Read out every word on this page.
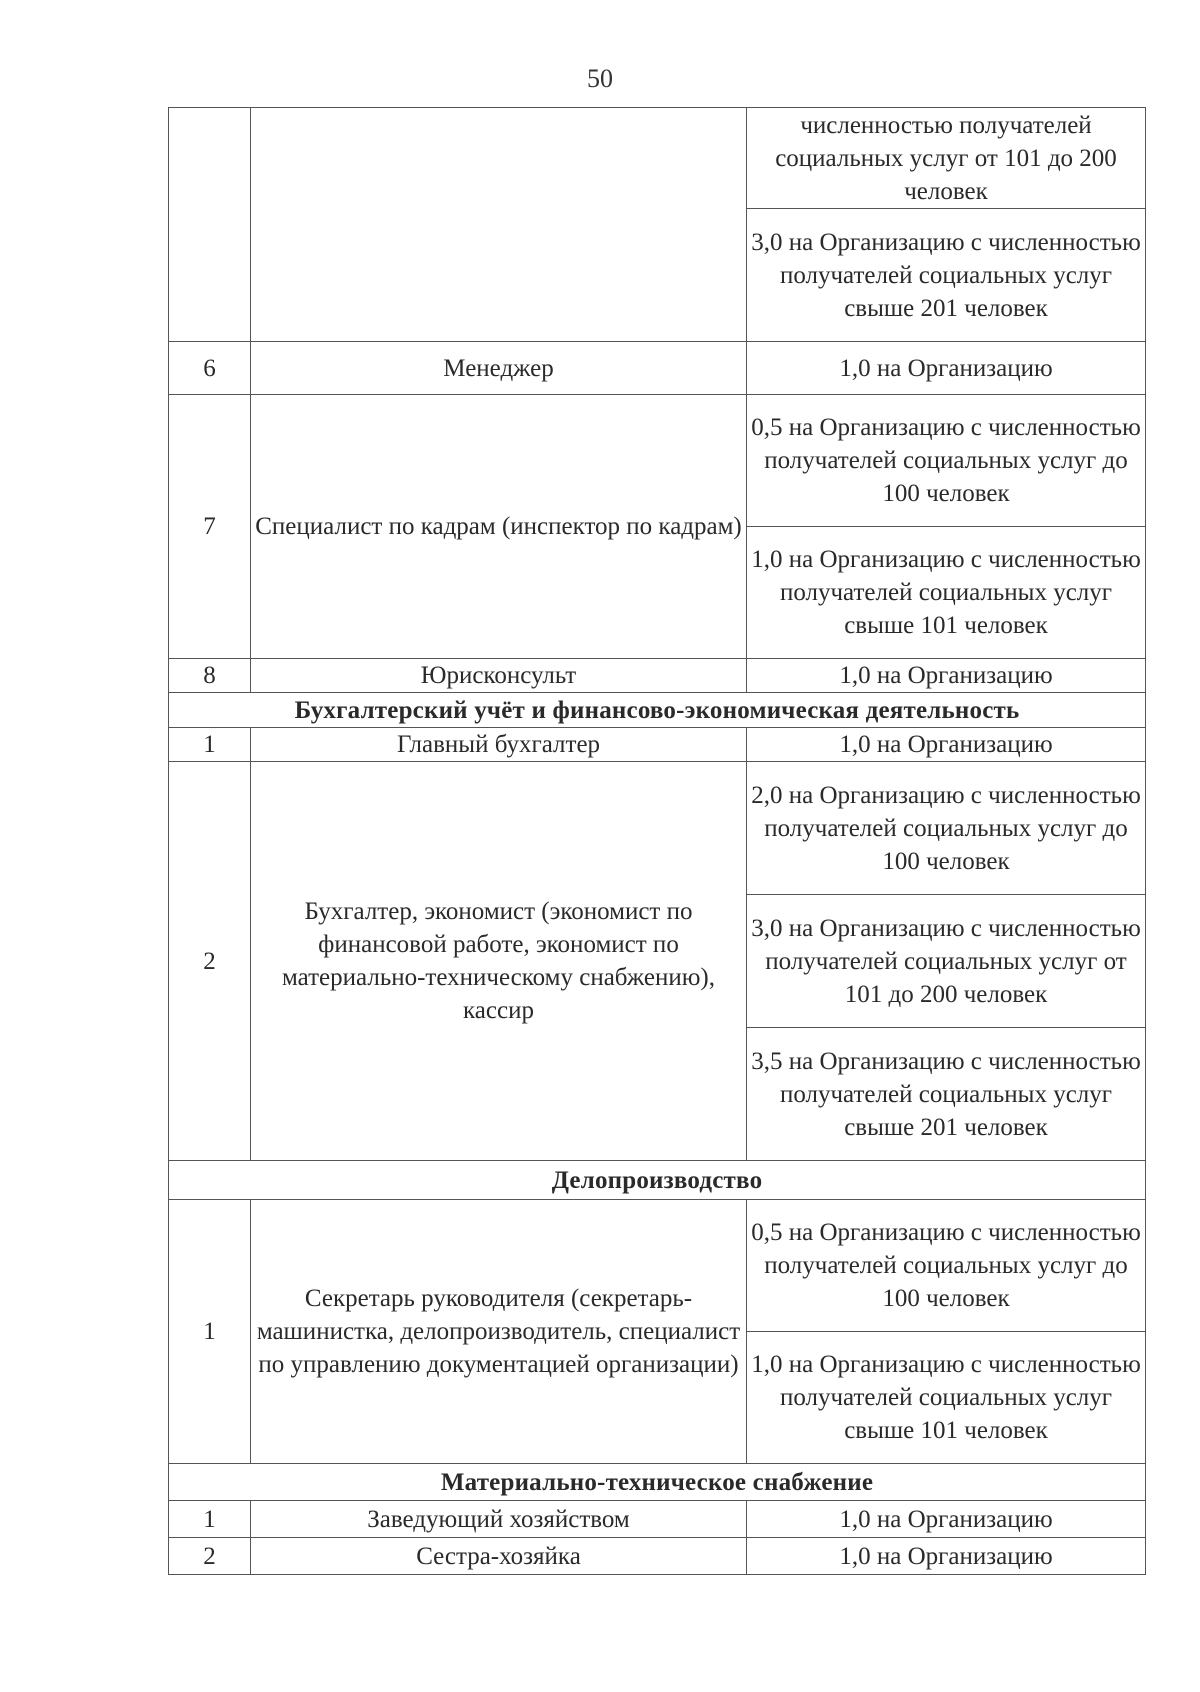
50
		численностью получателей социальных услуг от 101 до 200 человек
		3,0 на Организацию с численностью получателей социальных услуг свыше 201 человек
6	Менеджер	1,0 на Организацию
7	Специалист по кадрам (инспектор по кадрам)	0,5 на Организацию с численностью получателей социальных услуг до 100 человек
		1,0 на Организацию с численностью получателей социальных услуг свыше 101 человек
8	Юрисконсульт	1,0 на Организацию
Бухгалтерский учёт и финансово-экономическая деятельность		
1	Главный бухгалтер	1,0 на Организацию
2	Бухгалтер, экономист (экономист по финансовой работе, экономист по материально-техническому снабжению), кассир	2,0 на Организацию с численностью получателей социальных услуг до 100 человек
		3,0 на Организацию с численностью получателей социальных услуг от 101 до 200 человек
		3,5 на Организацию с численностью получателей социальных услуг свыше 201 человек
Делопроизводство		
1	Секретарь руководителя (секретарь-машинистка, делопроизводитель, специалист по управлению документацией организации)	0,5 на Организацию с численностью получателей социальных услуг до 100 человек
		1,0 на Организацию с численностью получателей социальных услуг свыше 101 человек
Материально-техническое снабжение		
1	Заведующий хозяйством	1,0 на Организацию
2	Сестра-хозяйка	1,0 на Организацию
